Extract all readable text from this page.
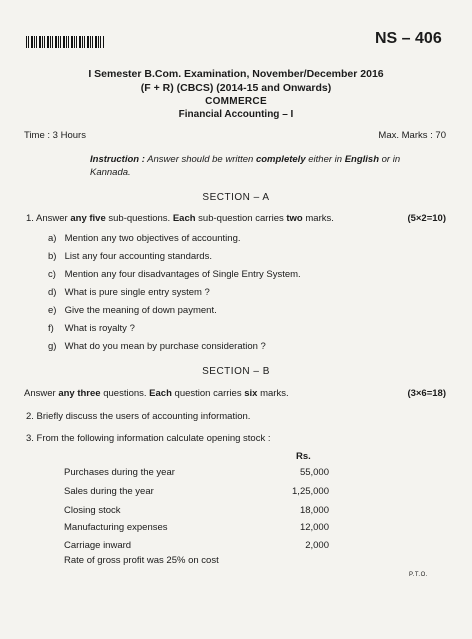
NS – 406
I Semester B.Com. Examination, November/December 2016
(F + R) (CBCS) (2014-15 and Onwards)
COMMERCE
Financial Accounting – I
Time : 3 Hours	Max. Marks : 70
Instruction : Answer should be written completely either in English or in
Kannada.
SECTION – A
1. Answer any five sub-questions. Each sub-question carries two marks.	(5×2=10)
a) Mention any two objectives of accounting.
b) List any four accounting standards.
c) Mention any four disadvantages of Single Entry System.
d) What is pure single entry system ?
e) Give the meaning of down payment.
f) What is royalty ?
g) What do you mean by purchase consideration ?
SECTION – B
Answer any three questions. Each question carries six marks.	(3×6=18)
2. Briefly discuss the users of accounting information.
3. From the following information calculate opening stock :
Rs.
Purchases during the year	55,000
Sales during the year	1,25,000
Closing stock	18,000
Manufacturing expenses	12,000
Carriage inward	2,000
Rate of gross profit was 25% on cost
P.T.O.
